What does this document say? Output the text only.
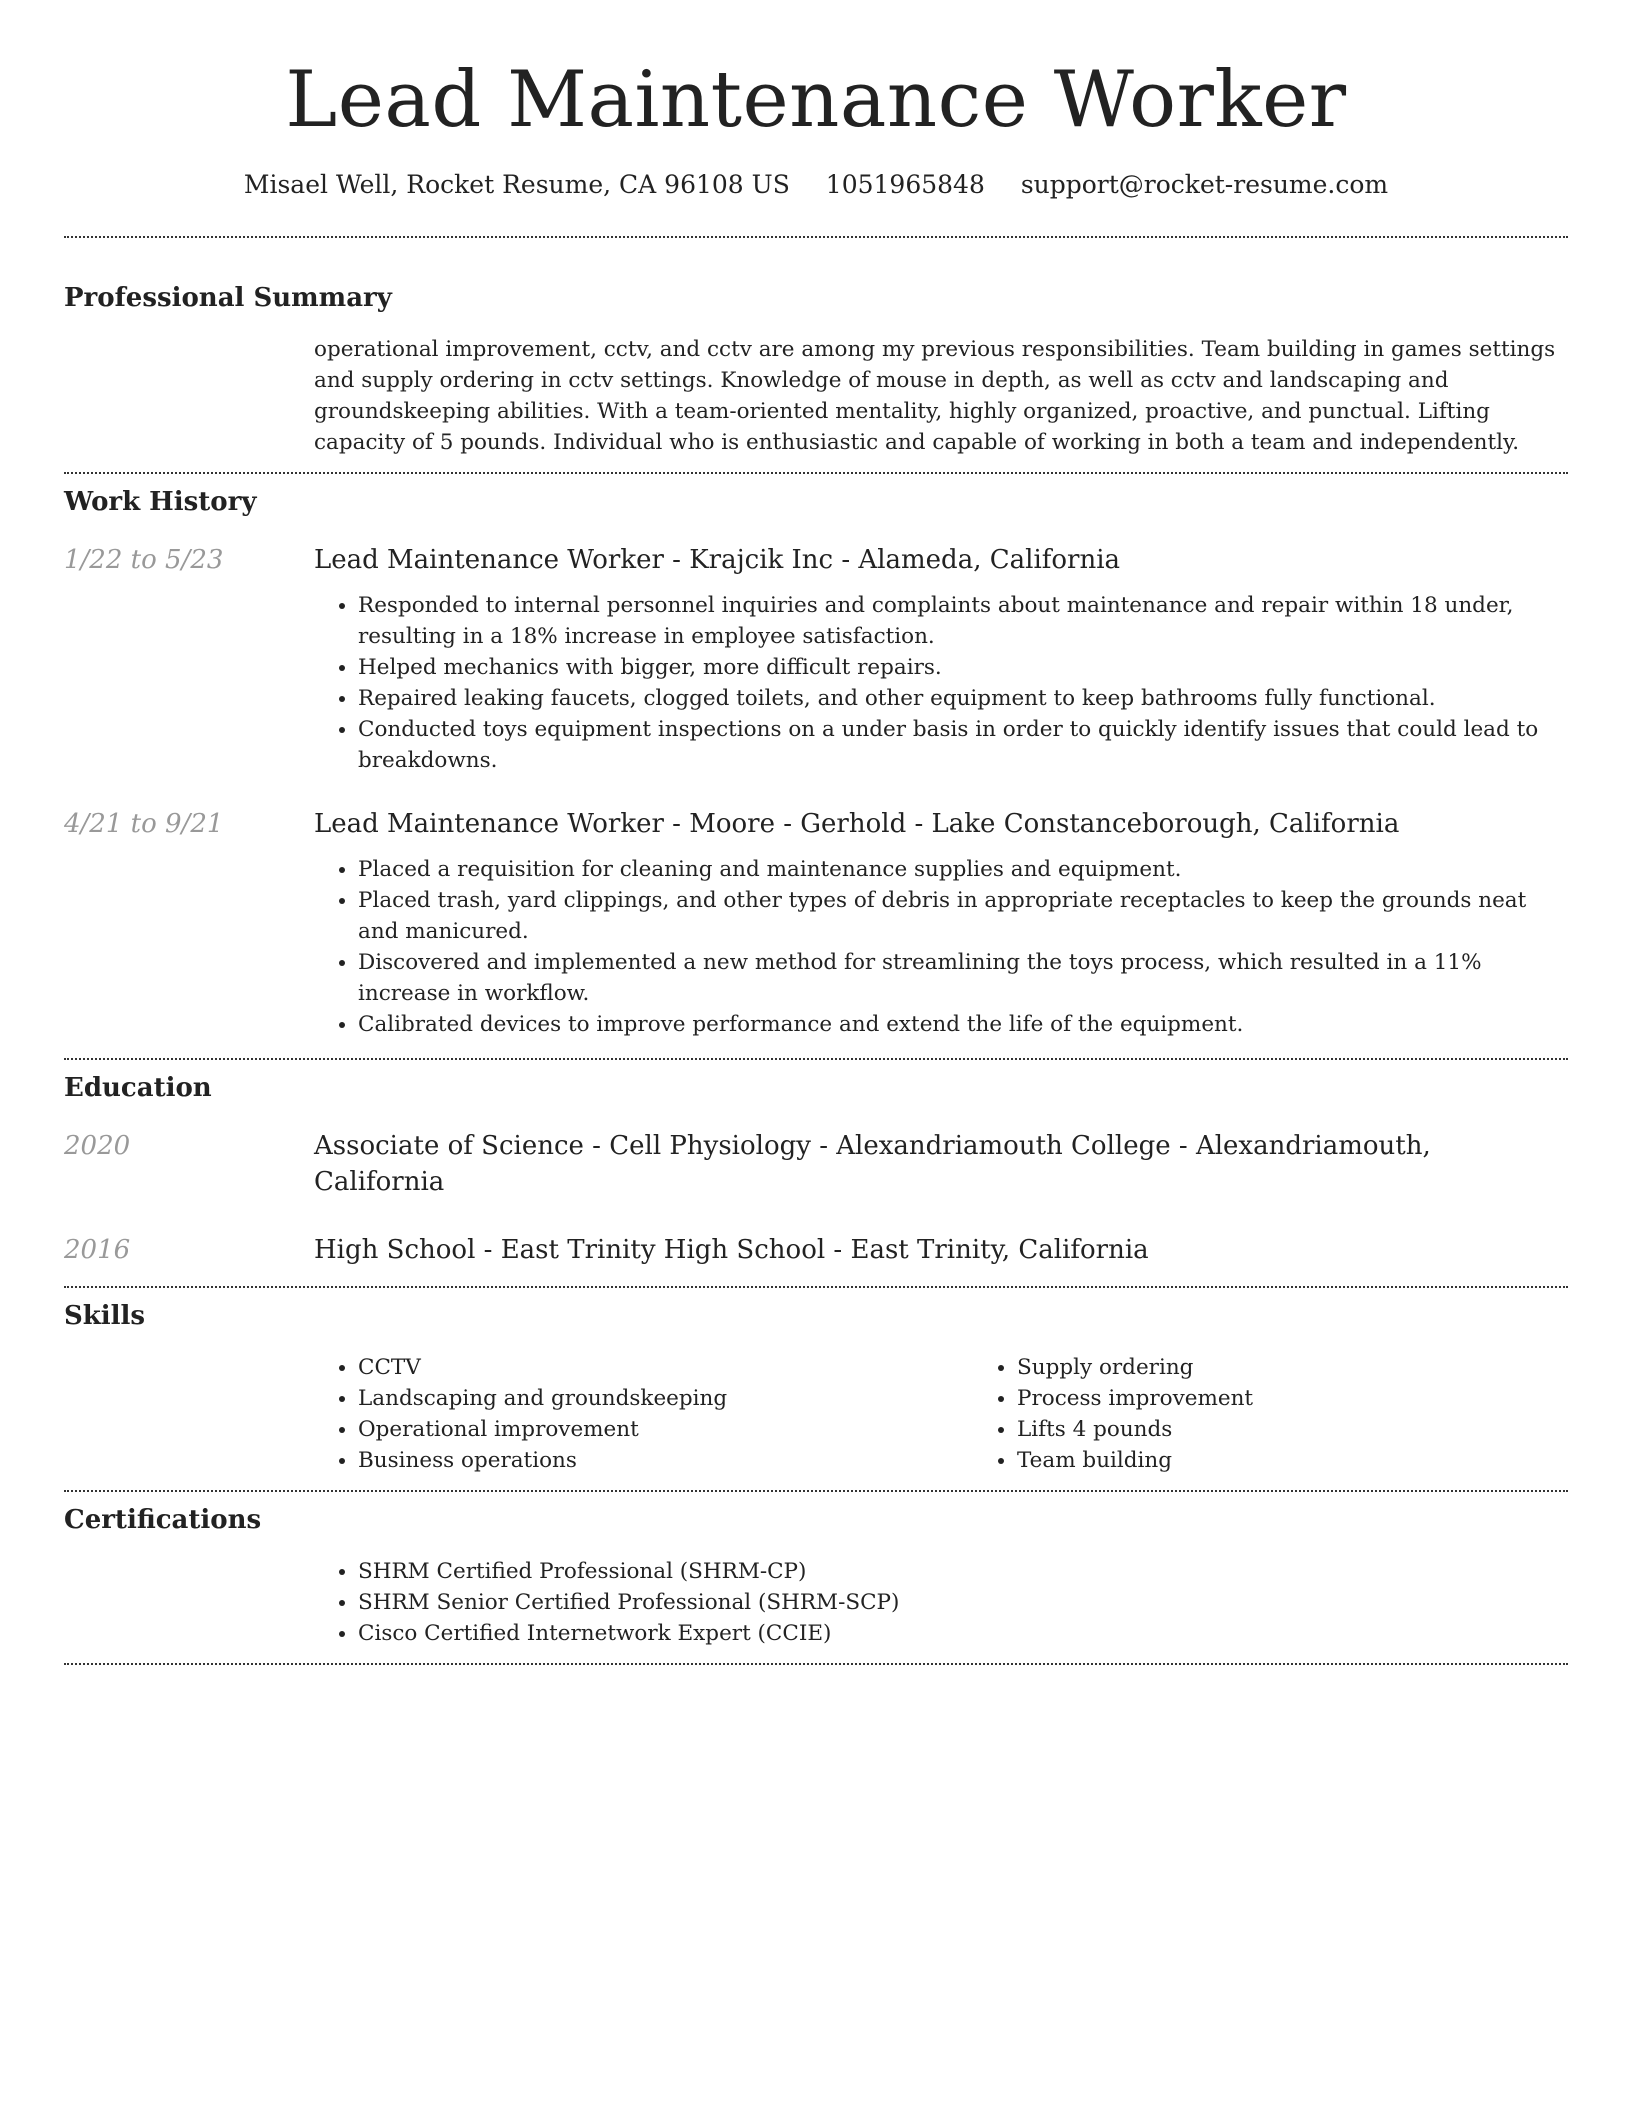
Lead Maintenance Worker
Misael Well, Rocket Resume, CA 96108 US 1051965848 support@rocket-resume.com
Professional Summary

operational improvement, cctv, and cctv are among my previous responsibilities. Team building in games settings and supply ordering in cctv settings. Knowledge of mouse in depth, as well as cctv and landscaping and groundskeeping abilities. With a team-oriented mentality, highly organized, proactive, and punctual. Lifting capacity of 5 pounds. Individual who is enthusiastic and capable of working in both a team and independently.

Work History
1/22 to 5/23	Lead Maintenance Worker - Krajcik Inc - Alameda, California
• Responded to internal personnel inquiries and complaints about maintenance and repair within 18 under, resulting in a 18% increase in employee satisfaction.
• Helped mechanics with bigger, more difficult repairs.
• Repaired leaking faucets, clogged toilets, and other equipment to keep bathrooms fully functional.
• Conducted toys equipment inspections on a under basis in order to quickly identify issues that could lead to breakdowns.
4/21 to 9/21	Lead Maintenance Worker - Moore - Gerhold - Lake Constanceborough, California
• Placed a requisition for cleaning and maintenance supplies and equipment.
• Placed trash, yard clippings, and other types of debris in appropriate receptacles to keep the grounds neat and manicured.
• Discovered and implemented a new method for streamlining the toys process, which resulted in a 11% increase in workflow.
• Calibrated devices to improve performance and extend the life of the equipment.
Education
2020	Associate of Science - Cell Physiology - Alexandriamouth College - Alexandriamouth, California
2016	High School - East Trinity High School - East Trinity, California
Skills
• CCTV
• Landscaping and groundskeeping
• Operational improvement
• Business operations
• Supply ordering
• Process improvement
• Lifts 4 pounds
• Team building
Certifications
• SHRM Certified Professional (SHRM-CP)
• SHRM Senior Certified Professional (SHRM-SCP)
• Cisco Certified Internetwork Expert (CCIE)
